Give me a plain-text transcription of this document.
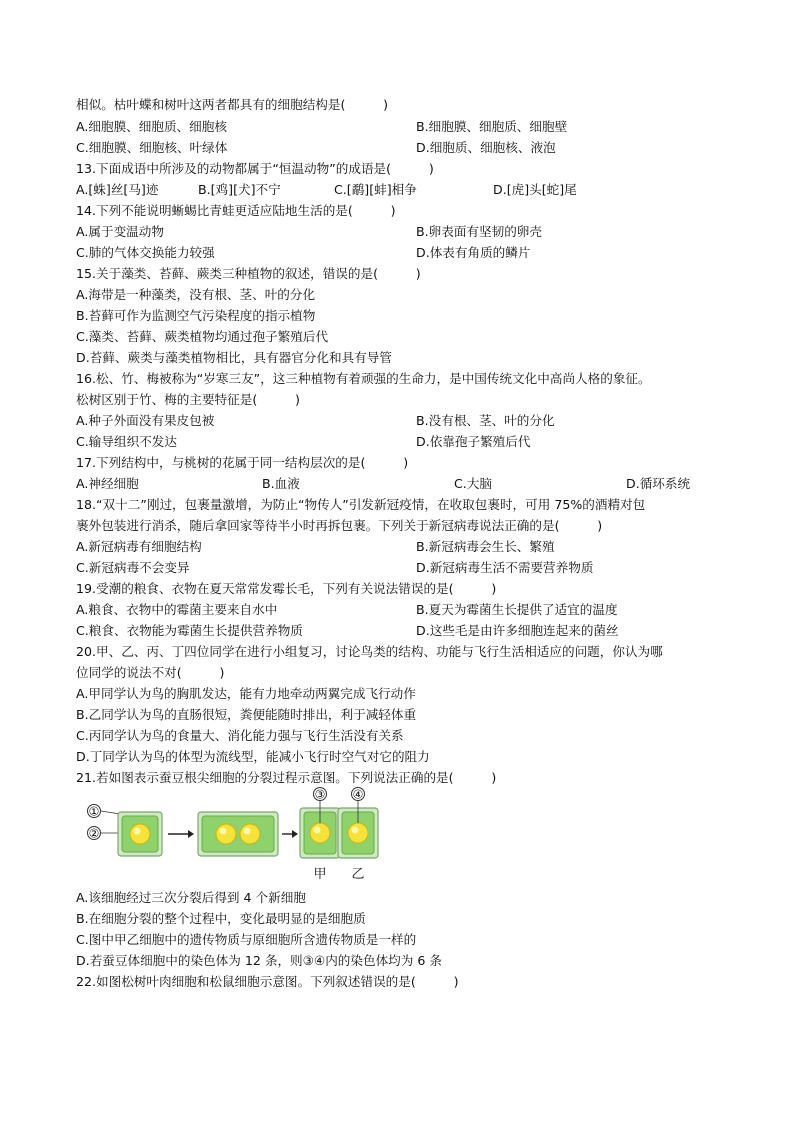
相似。枯叶蝶和树叶这两者都具有的细胞结构是(　　　)
A.细胞膜、细胞质、细胞核	B.细胞膜、细胞质、细胞壁
C.细胞膜、细胞核、叶绿体	D.细胞质、细胞核、液泡
13.下面成语中所涉及的动物都属于“恒温动物”的成语是(　　　)
A.[蛛]丝[马]迹	B.[鸡][犬]不宁	C.[鹬][蚌]相争	D.[虎]头[蛇]尾
14.下列不能说明蜥蜴比青蛙更适应陆地生活的是(　　　)
A.属于变温动物	B.卵表面有坚韧的卵壳
C.肺的气体交换能力较强	D.体表有角质的鳞片
15.关于藻类、苔藓、蕨类三种植物的叙述，错误的是(　　　)
A.海带是一种藻类，没有根、茎、叶的分化
B.苔藓可作为监测空气污染程度的指示植物
C.藻类、苔藓、蕨类植物均通过孢子繁殖后代
D.苔藓、蕨类与藻类植物相比，具有器官分化和具有导管
16.松、竹、梅被称为“岁寒三友”，这三种植物有着顽强的生命力，是中国传统文化中高尚人格的象征。
松树区别于竹、梅的主要特征是(　　　)
A.种子外面没有果皮包被	B.没有根、茎、叶的分化
C.输导组织不发达	D.依靠孢子繁殖后代
17.下列结构中，与桃树的花属于同一结构层次的是(　　　)
A.神经细胞	B.血液	C.大脑	D.循环系统
18.“双十二”刚过，包裹量激增，为防止“物传人”引发新冠疫情，在收取包裹时，可用 75%的酒精对包
裹外包装进行消杀，随后拿回家等待半小时再拆包裹。下列关于新冠病毒说法正确的是(　　　)
A.新冠病毒有细胞结构	B.新冠病毒会生长、繁殖
C.新冠病毒不会变异	D.新冠病毒生活不需要营养物质
19.受潮的粮食、衣物在夏天常常发霉长毛，下列有关说法错误的是(　　　)
A.粮食、衣物中的霉菌主要来自水中	B.夏天为霉菌生长提供了适宜的温度
C.粮食、衣物能为霉菌生长提供营养物质	D.这些毛是由许多细胞连起来的菌丝
20.甲、乙、丙、丁四位同学在进行小组复习，讨论鸟类的结构、功能与飞行生活相适应的问题，你认为哪
位同学的说法不对(　　　)
A.甲同学认为鸟的胸肌发达，能有力地牵动两翼完成飞行动作
B.乙同学认为鸟的直肠很短，粪便能随时排出，利于减轻体重
C.丙同学认为鸟的食量大、消化能力强与飞行生活没有关系
D.丁同学认为鸟的体型为流线型，能减小飞行时空气对它的阻力
21.若如图表示蚕豆根尖细胞的分裂过程示意图。下列说法正确的是(　　　)
①
②
③ ④
甲 乙
A.该细胞经过三次分裂后得到 4 个新细胞
B.在细胞分裂的整个过程中，变化最明显的是细胞质
C.图中甲乙细胞中的遗传物质与原细胞所含遗传物质是一样的
D.若蚕豆体细胞中的染色体为 12 条，则③④内的染色体均为 6 条
22.如图松树叶肉细胞和松鼠细胞示意图。下列叙述错误的是(　　　)
